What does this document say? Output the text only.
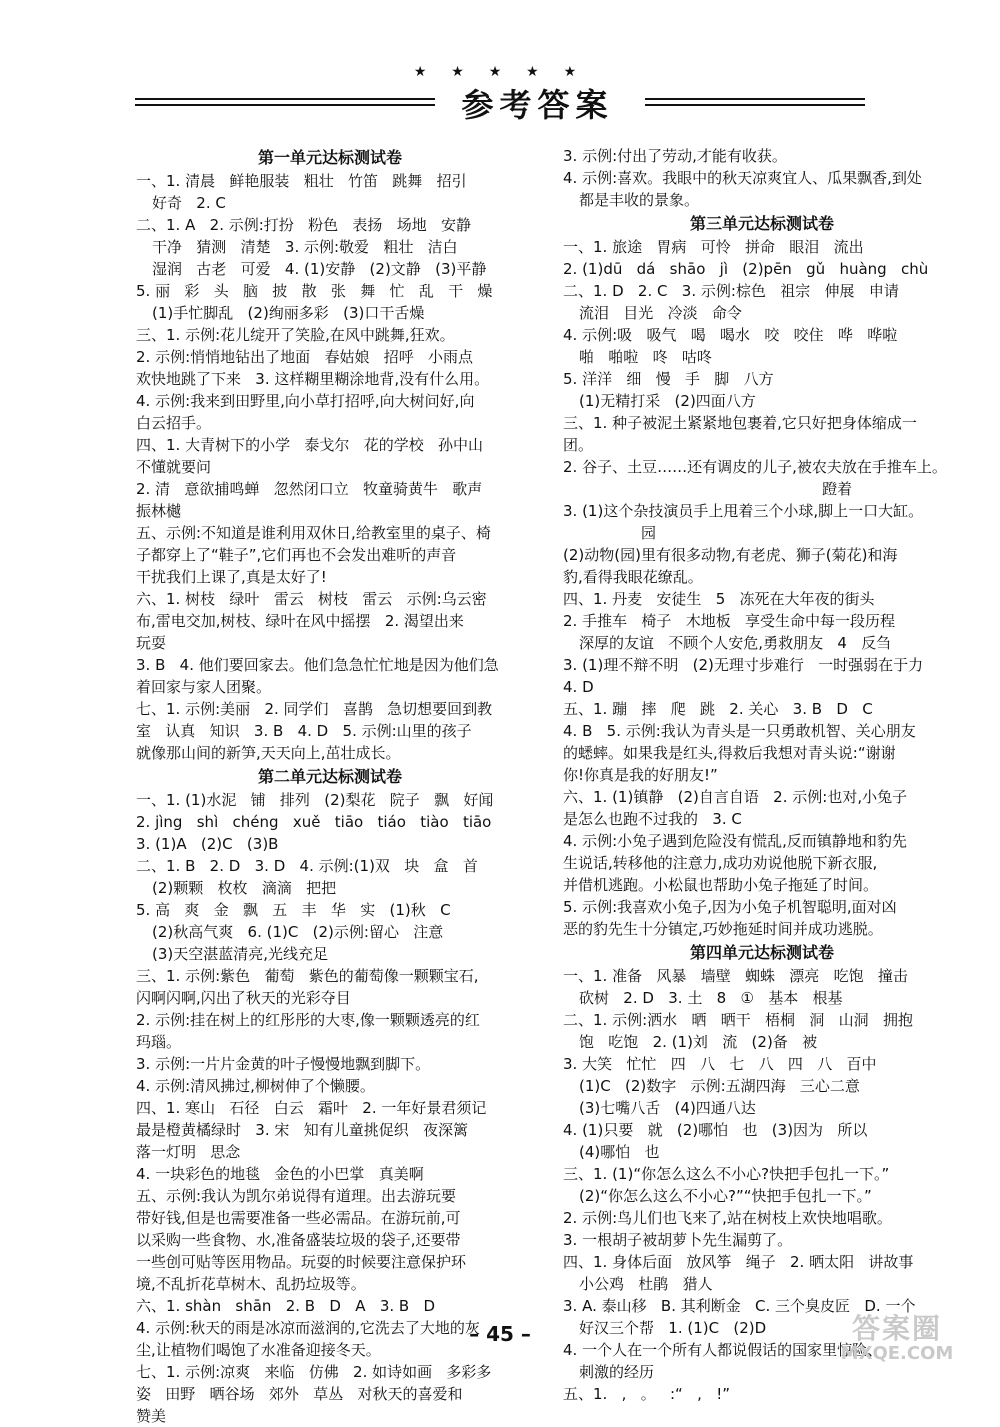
★ ★ ★ ★ ★
参考答案
第一单元达标测试卷
一、1. 清晨   鲜艳服装   粗壮   竹笛   跳舞   招引
好奇   2. C
二、1. A   2. 示例:打扮   粉色   表扬   场地   安静
干净   猜测   清楚   3. 示例:敬爱   粗壮   洁白
湿润   古老   可爱   4. (1)安静   (2)文静   (3)平静
5. 丽   彩   头   脑   披   散   张   舞   忙   乱   干   燥
(1)手忙脚乱   (2)绚丽多彩   (3)口干舌燥
三、1. 示例:花儿绽开了笑脸,在风中跳舞,狂欢。
2. 示例:悄悄地钻出了地面   春姑娘   招呼   小雨点
欢快地跳了下来   3. 这样糊里糊涂地背,没有什么用。
4. 示例:我来到田野里,向小草打招呼,向大树问好,向
白云招手。
四、1. 大青树下的小学   泰戈尔   花的学校   孙中山
不懂就要问
2. 清   意欲捕鸣蝉   忽然闭口立   牧童骑黄牛   歌声
振林樾
五、示例:不知道是谁利用双休日,给教室里的桌子、椅
子都穿上了“鞋子”,它们再也不会发出难听的声音
干扰我们上课了,真是太好了!
六、1. 树枝   绿叶   雷云   树枝   雷云   示例:乌云密
布,雷电交加,树枝、绿叶在风中摇摆   2. 渴望出来
玩耍
3. B   4. 他们要回家去。他们急急忙忙地是因为他们急
着回家与家人团聚。
七、1. 示例:美丽   2. 同学们   喜鹊   急切想要回到教
室   认真   知识   3. B   4. D   5. 示例:山里的孩子
就像那山间的新笋,天天向上,茁壮成长。
第二单元达标测试卷
一、1. (1)水泥   铺   排列   (2)梨花   院子   飘   好闻
2. jìng   shì   chéng   xuě   tiāo   tiáo   tiào   tiāo
3. (1)A   (2)C   (3)B
二、1. B   2. D   3. D   4. 示例:(1)双   块   盒   首
(2)颗颗   枚枚   滴滴   把把
5. 高   爽   金   飘   五   丰   华   实   (1)秋   C
(2)秋高气爽   6. (1)C   (2)示例:留心   注意
(3)天空湛蓝清亮,光线充足
三、1. 示例:紫色   葡萄   紫色的葡萄像一颗颗宝石,
闪啊闪啊,闪出了秋天的光彩夺目
2. 示例:挂在树上的红彤彤的大枣,像一颗颗透亮的红
玛瑙。
3. 示例:一片片金黄的叶子慢慢地飘到脚下。
4. 示例:清风拂过,柳树伸了个懒腰。
四、1. 寒山   石径   白云   霜叶   2. 一年好景君须记
最是橙黄橘绿时   3. 宋   知有儿童挑促织   夜深篱
落一灯明   思念
4. 一块彩色的地毯   金色的小巴掌   真美啊
五、示例:我认为凯尔弟说得有道理。出去游玩要
带好钱,但是也需要准备一些必需品。在游玩前,可
以采购一些食物、水,准备盛装垃圾的袋子,还要带
一些创可贴等医用物品。玩耍的时候要注意保护环
境,不乱折花草树木、乱扔垃圾等。
六、1. shàn   shān   2. B   D   A   3. B   D
4. 示例:秋天的雨是冰凉而滋润的,它洗去了大地的灰
尘,让植物们喝饱了水准备迎接冬天。
七、1. 示例:凉爽   来临   仿佛   2. 如诗如画   多彩多
姿   田野   晒谷场   郊外   草丛   对秋天的喜爱和
赞美
3. 示例:付出了劳动,才能有收获。
4. 示例:喜欢。我眼中的秋天凉爽宜人、瓜果飘香,到处
都是丰收的景象。
第三单元达标测试卷
一、1. 旅途   胃病   可怜   拼命   眼泪   流出
2. (1)dū   dá   shāo   jì   (2)pēn   gǔ   huàng   chù
二、1. D   2. C   3. 示例:棕色   祖宗   伸展   申请
流泪   目光   冷淡   命令
4. 示例:吸   吸气   喝   喝水   咬   咬住   哗   哗啦
啪   啪啦   咚   咕咚
5. 洋洋   细   慢   手   脚   八方
(1)无精打采   (2)四面八方
三、1. 种子被泥土紧紧地包裹着,它只好把身体缩成一
团。
2. 谷子、土豆……还有调皮的儿子,被农夫放在手推车上。
蹬着
3. (1)这个杂技演员手上甩着三个小球,脚上一口大缸。
园
(2)动物(园)里有很多动物,有老虎、狮子(菊花)和海
豹,看得我眼花缭乱。
四、1. 丹麦   安徒生   5   冻死在大年夜的街头
2. 手推车   椅子   木地板   享受生命中每一段历程
深厚的友谊   不顾个人安危,勇救朋友   4   反刍
3. (1)理不辩不明   (2)无理寸步难行   一时强弱在于力
4. D
五、1. 蹦   摔   爬   跳   2. 关心   3. B   D   C
4. B   5. 示例:我认为青头是一只勇敢机智、关心朋友
的蟋蟀。如果我是红头,得救后我想对青头说:“谢谢
你!你真是我的好朋友!”
六、1. (1)镇静   (2)自言自语   2. 示例:也对,小兔子
是怎么也跑不过我的   3. C
4. 示例:小兔子遇到危险没有慌乱,反而镇静地和豹先
生说话,转移他的注意力,成功劝说他脱下新衣服,
并借机逃跑。小松鼠也帮助小兔子拖延了时间。
5. 示例:我喜欢小兔子,因为小兔子机智聪明,面对凶
恶的豹先生十分镇定,巧妙拖延时间并成功逃脱。
第四单元达标测试卷
一、1. 准备   风暴   墙壁   蜘蛛   漂亮   吃饱   撞击
砍树   2. D   3. 土   8   ①   基本   根基
二、1. 示例:洒水   晒   晒干   梧桐   洞   山洞   拥抱
饱   吃饱   2. (1)刘   流   (2)备   被
3. 大笑   忙忙   四   八   七   八   四   八   百中
(1)C   (2)数字   示例:五湖四海   三心二意
(3)七嘴八舌   (4)四通八达
4. (1)只要   就   (2)哪怕   也   (3)因为   所以
(4)哪怕   也
三、1. (1)“你怎么这么不小心?快把手包扎一下。”
(2)“你怎么这么不小心?”“快把手包扎一下。”
2. 示例:鸟儿们也飞来了,站在树枝上欢快地唱歌。
3. 一根胡子被胡萝卜先生漏剪了。
四、1. 身体后面   放风筝   绳子   2. 晒太阳   讲故事
小公鸡   杜鹃   猎人
3. A. 泰山移   B. 其利断金   C. 三个臭皮匠   D. 一个
好汉三个帮   1. (1)C   (2)D
4. 一个人在一个所有人都说假话的国家里惊险、
刺激的经历
五、1.   ,   。   :“   ,   !”
– 45 –	答案圈
MXQE.COM
